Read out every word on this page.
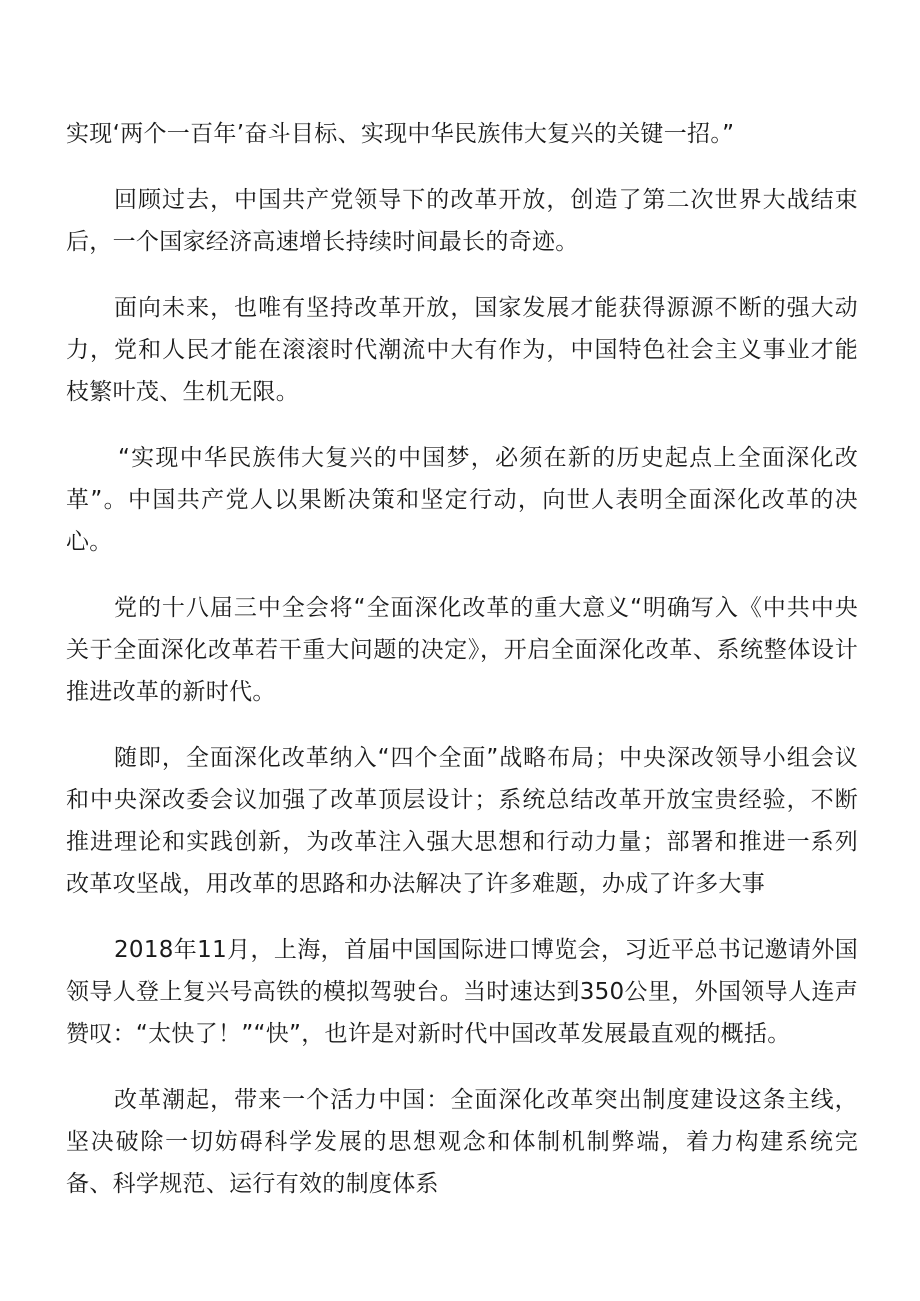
实现‘两个一百年’奋斗目标、实现中华民族伟大复兴的关键一招。”

回顾过去，中国共产党领导下的改革开放，创造了第二次世界大战结束后，一个国家经济高速增长持续时间最长的奇迹。

面向未来，也唯有坚持改革开放，国家发展才能获得源源不断的强大动力，党和人民才能在滚滚时代潮流中大有作为，中国特色社会主义事业才能枝繁叶茂、生机无限。

“实现中华民族伟大复兴的中国梦，必须在新的历史起点上全面深化改革”。中国共产党人以果断决策和坚定行动，向世人表明全面深化改革的决心。

党的十八届三中全会将“全面深化改革的重大意义“明确写入《中共中央关于全面深化改革若干重大问题的决定》，开启全面深化改革、系统整体设计推进改革的新时代。

随即，全面深化改革纳入“四个全面”战略布局；中央深改领导小组会议和中央深改委会议加强了改革顶层设计；系统总结改革开放宝贵经验，不断推进理论和实践创新，为改革注入强大思想和行动力量；部署和推进一系列改革攻坚战，用改革的思路和办法解决了许多难题，办成了许多大事

2018年11月，上海，首届中国国际进口博览会，习近平总书记邀请外国领导人登上复兴号高铁的模拟驾驶台。当时速达到350公里，外国领导人连声赞叹：“太快了！”“快”，也许是对新时代中国改革发展最直观的概括。

改革潮起，带来一个活力中国：全面深化改革突出制度建设这条主线，坚决破除一切妨碍科学发展的思想观念和体制机制弊端，着力构建系统完备、科学规范、运行有效的制度体系
